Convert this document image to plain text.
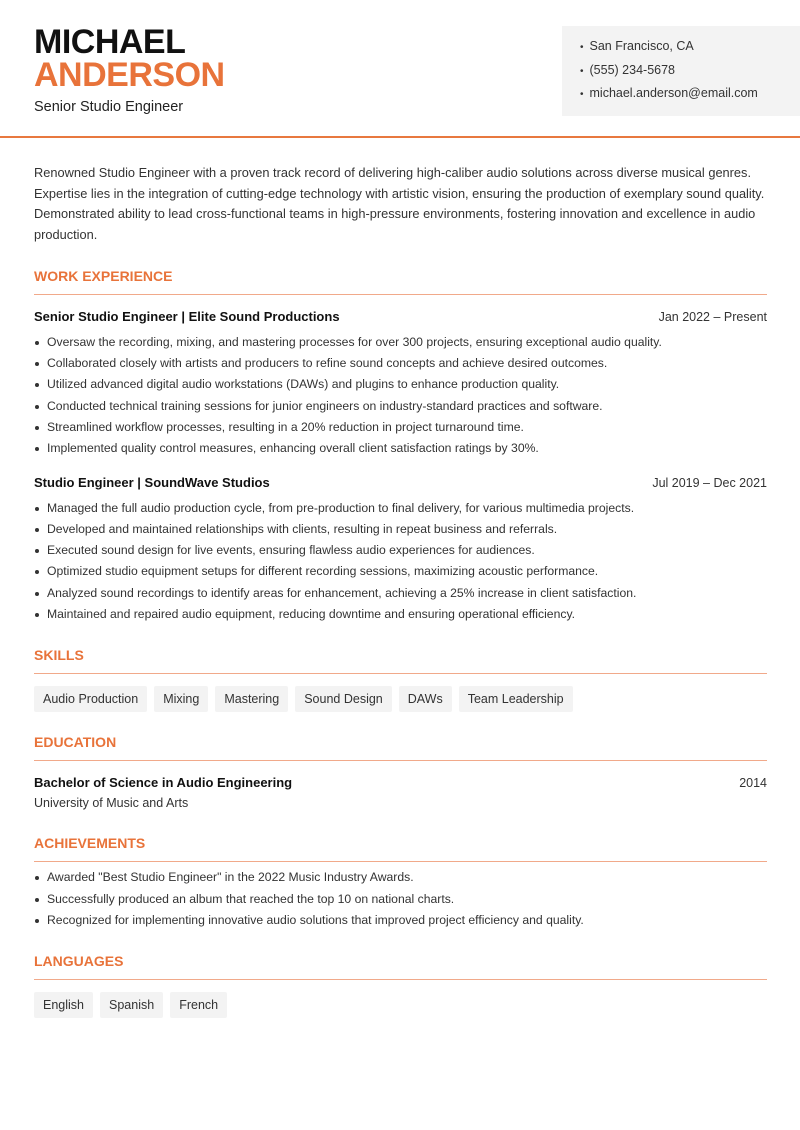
MICHAEL
ANDERSON
Senior Studio Engineer
• San Francisco, CA
• (555) 234-5678
• michael.anderson@email.com

Renowned Studio Engineer with a proven track record of delivering high-caliber audio solutions across diverse musical genres. Expertise lies in the integration of cutting-edge technology with artistic vision, ensuring the production of exemplary sound quality. Demonstrated ability to lead cross-functional teams in high-pressure environments, fostering innovation and excellence in audio production.

WORK EXPERIENCE
Senior Studio Engineer | Elite Sound Productions	Jan 2022 – Present
Oversaw the recording, mixing, and mastering processes for over 300 projects, ensuring exceptional audio quality.
Collaborated closely with artists and producers to refine sound concepts and achieve desired outcomes.
Utilized advanced digital audio workstations (DAWs) and plugins to enhance production quality.
Conducted technical training sessions for junior engineers on industry-standard practices and software.
Streamlined workflow processes, resulting in a 20% reduction in project turnaround time.
Implemented quality control measures, enhancing overall client satisfaction ratings by 30%.
Studio Engineer | SoundWave Studios	Jul 2019 – Dec 2021
Managed the full audio production cycle, from pre-production to final delivery, for various multimedia projects.
Developed and maintained relationships with clients, resulting in repeat business and referrals.
Executed sound design for live events, ensuring flawless audio experiences for audiences.
Optimized studio equipment setups for different recording sessions, maximizing acoustic performance.
Analyzed sound recordings to identify areas for enhancement, achieving a 25% increase in client satisfaction.
Maintained and repaired audio equipment, reducing downtime and ensuring operational efficiency.
SKILLS
Audio Production	Mixing	Mastering	Sound Design	DAWs	Team Leadership
EDUCATION
Bachelor of Science in Audio Engineering	2014
University of Music and Arts
ACHIEVEMENTS
Awarded "Best Studio Engineer" in the 2022 Music Industry Awards.
Successfully produced an album that reached the top 10 on national charts.
Recognized for implementing innovative audio solutions that improved project efficiency and quality.
LANGUAGES
English	Spanish	French
